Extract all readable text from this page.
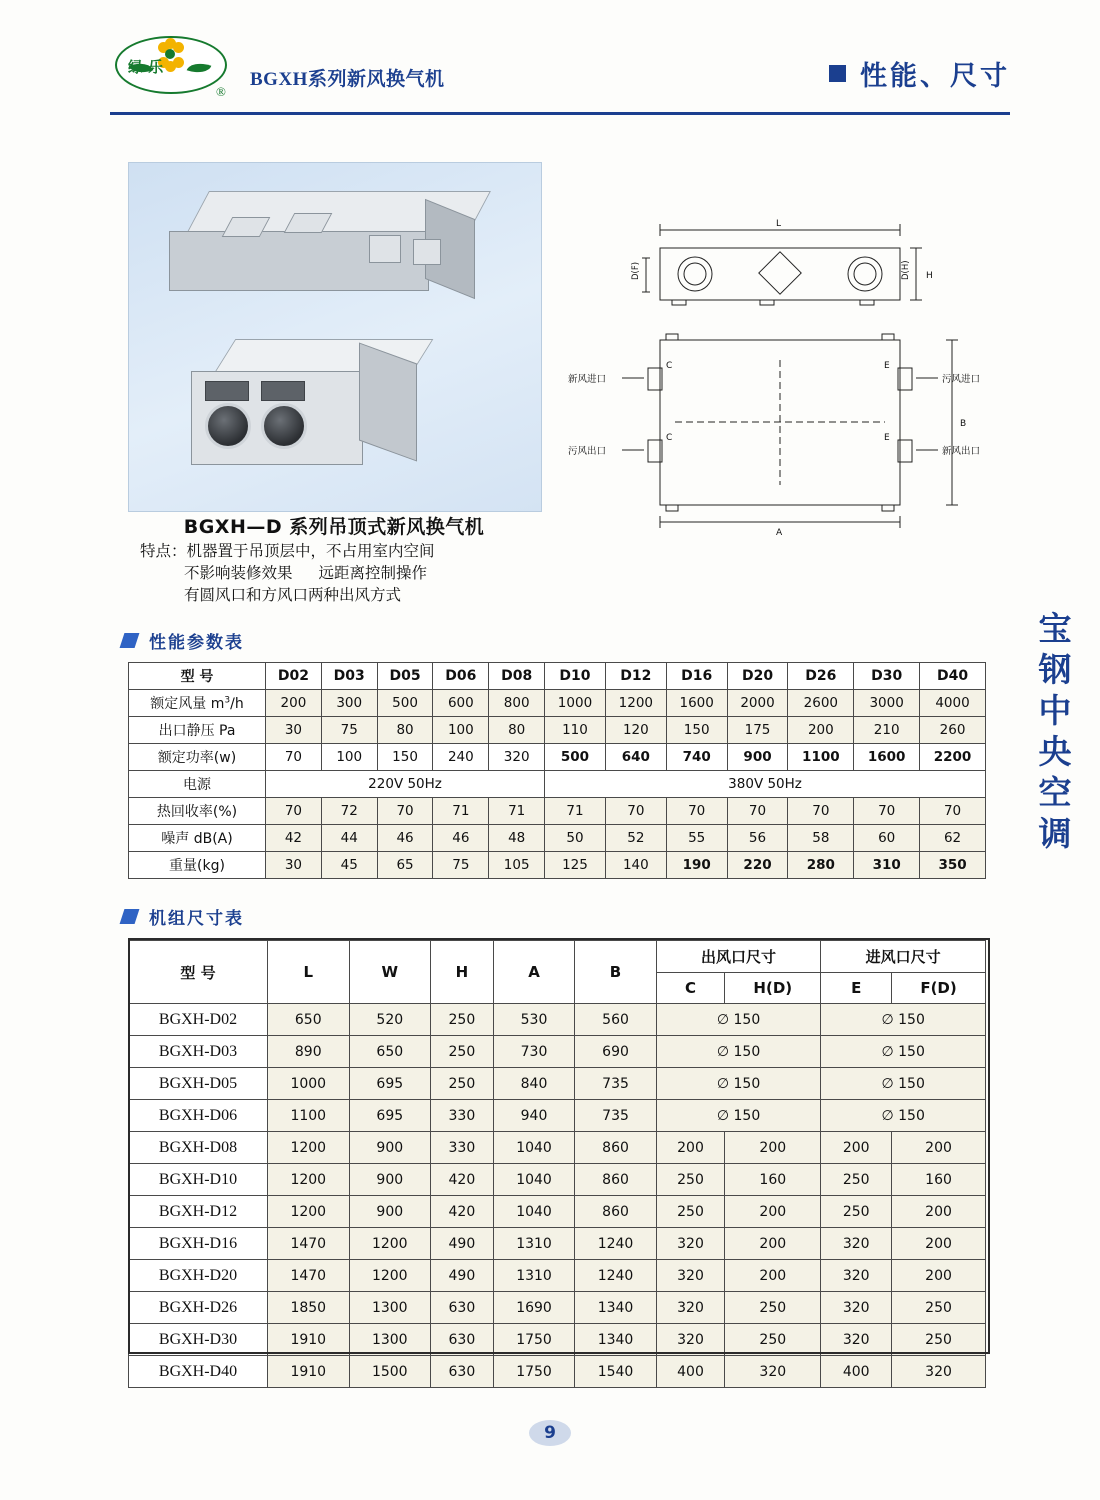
绿 乐
®
BGXH系列新风换气机	性能、尺寸
BGXH—D 系列吊顶式新风换气机
特点：机器置于吊顶层中，不占用室内空间
不影响装修效果 远距离控制操作
有圆风口和方风口两种出风方式
L
H
A
B
C
C
E
E
D(F)	D(H)
新风进口
污风出口
污风进口
新风出口
宝钢中央空调
性能参数表
型 号	D02	D03	D05	D06	D08	D10	D12	D16	D20	D26	D30	D40
额定风量 $m^3/h$	200	300	500	600	800	1000	1200	1600	2000	2600	3000	4000
出口静压 Pa	30	75	80	100	80	110	120	150	175	200	210	260
额定功率(w)	70	100	150	240	320	500	640	740	900	1100	1600	2200
电源	220V 50Hz					380V 50Hz						
热回收率(%)	70	72	70	71	71	71	70	70	70	70	70	70
噪声 dB(A)	42	44	46	46	48	50	52	55	56	58	60	62
重量(kg)	30	45	65	75	105	125	140	190	220	280	310	350
机组尺寸表
型 号	L	W	H	A	B	出风口尺寸		进风口尺寸	
						C	H(D)	E	F(D)
BGXH-D02	650	520	250	530	560	∅ 150		∅ 150	
BGXH-D03	890	650	250	730	690	∅ 150		∅ 150	
BGXH-D05	1000	695	250	840	735	∅ 150		∅ 150	
BGXH-D06	1100	695	330	940	735	∅ 150		∅ 150	
BGXH-D08	1200	900	330	1040	860	200	200	200	200
BGXH-D10	1200	900	420	1040	860	250	160	250	160
BGXH-D12	1200	900	420	1040	860	250	200	250	200
BGXH-D16	1470	1200	490	1310	1240	320	200	320	200
BGXH-D20	1470	1200	490	1310	1240	320	200	320	200
BGXH-D26	1850	1300	630	1690	1340	320	250	320	250
BGXH-D30	1910	1300	630	1750	1340	320	250	320	250
BGXH-D40	1910	1500	630	1750	1540	400	320	400	320
9
